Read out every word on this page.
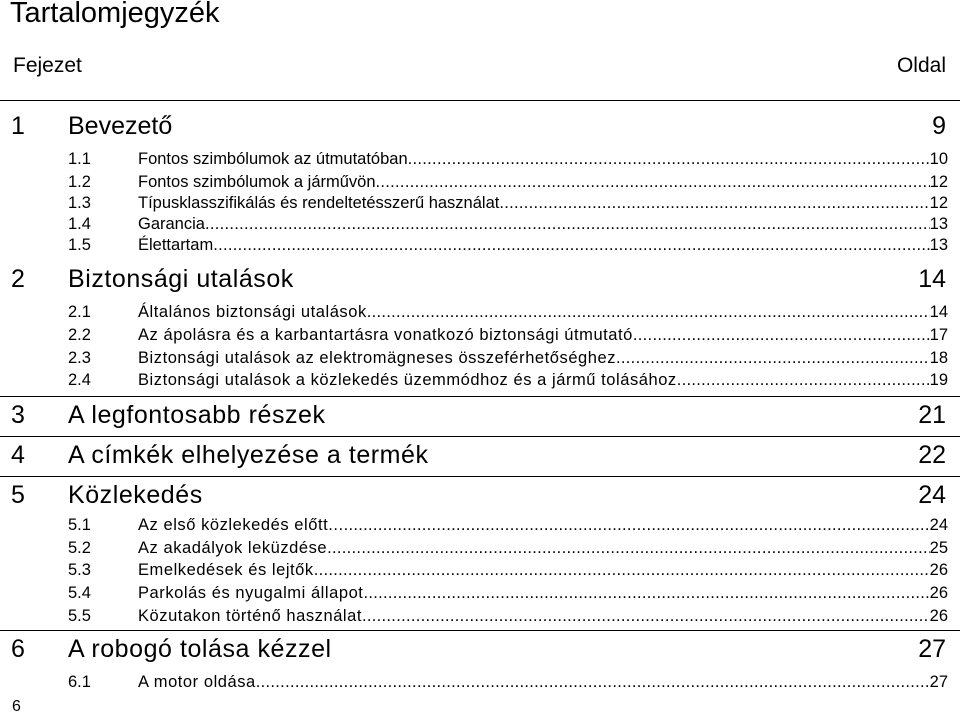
Tartalomjegyzék
Fejezet	Oldal
1 Bevezető	9
1.1	Fontos szimbólumok az útmutatóban .....	10
1.2	Fontos szimbólumok a járművön .....	12
1.3	Típusklasszifikálás és rendeltetésszerű használat .....	12
1.4	Garancia .....	13
1.5	Élettartam .....	13
2 Biztonsági utalások	14
2.1	Általános biztonsági utalások .....	14
2.2	Az ápolásra és a karbantartásra vonatkozó biztonsági útmutató .....	17
2.3	Biztonsági utalások az elektromägneses összeférhetőséghez .....	18
2.4	Biztonsági utalások a közlekedés üzemmódhoz és a jármű tolásához .....	19
3 A legfontosabb részek	21
4 A címkék elhelyezése a termék	22
5 Közlekedés	24
5.1	Az első közlekedés előtt... .....	24
5.2	Az akadályok leküzdése .....	25
5.3	Emelkedések és lejtők .....	26
5.4	Parkolás és nyugalmi állapot .....	26
5.5	Közutakon történő használat .....	26
6 A robogó tolása kézzel	27
6.1	A motor oldása .....	27
6
